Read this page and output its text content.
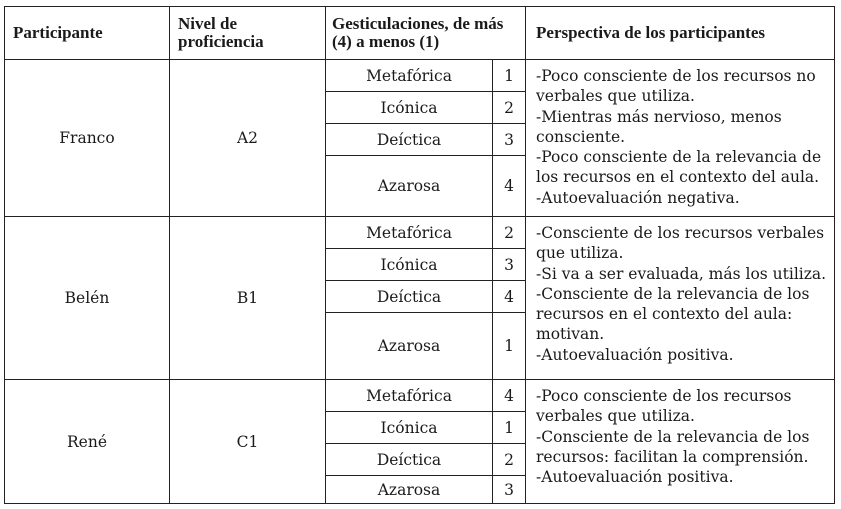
Participante	Nivel de proficiencia	Gesticulaciones, de más (4) a menos (1)		Perspectiva de los participantes
Franco	A2	Metafórica	1	-Poco consciente de los recursos no verbales que utiliza.
-Mientras más nervioso, menos consciente.
-Poco consciente de la relevancia de los recursos en el contexto del aula.
-Autoevaluación negativa.

		Icónica	2	
		Deíctica	3	
		Azarosa	4	
Belén	B1	Metafórica	2	-Consciente de los recursos verbales que utiliza.
-Si va a ser evaluada, más los utiliza.
-Consciente de la relevancia de los recursos en el contexto del aula: motivan.
-Autoevaluación positiva.

		Icónica	3	
		Deíctica	4	
		Azarosa	1	
René	C1	Metafórica	4	-Poco consciente de los recursos verbales que utiliza.
-Consciente de la relevancia de los recursos: facilitan la comprensión.
-Autoevaluación positiva.

		Icónica	1	
		Deíctica	2	
		Azarosa	3	
